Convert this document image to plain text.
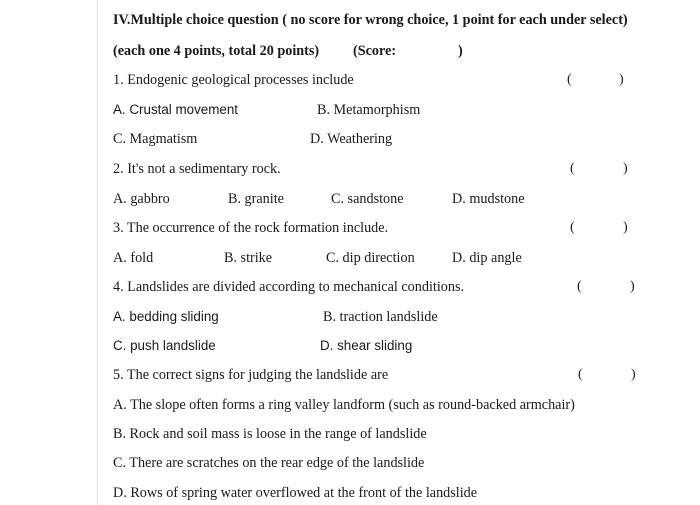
IV.Multiple choice question ( no score for wrong choice, 1 point for each under select)
(each one 4 points, total 20 points) (Score:	)
1. Endogenic geological processes include	(	)
A. Crustal movement	B. Metamorphism
C. Magmatism	D. Weathering
2. It's not a sedimentary rock.	(	)
A. gabbro	B. granite	C. sandstone	D. mudstone
3. The occurrence of the rock formation include.	(	)
A. fold	B. strike	C. dip direction	D. dip angle
4. Landslides are divided according to mechanical conditions.	(	)
A. bedding sliding	B. traction landslide
C. push landslide	D. shear sliding
5. The correct signs for judging the landslide are	(	)
A. The slope often forms a ring valley landform (such as round-backed armchair)
B. Rock and soil mass is loose in the range of landslide
C. There are scratches on the rear edge of the landslide
D. Rows of spring water overflowed at the front of the landslide
